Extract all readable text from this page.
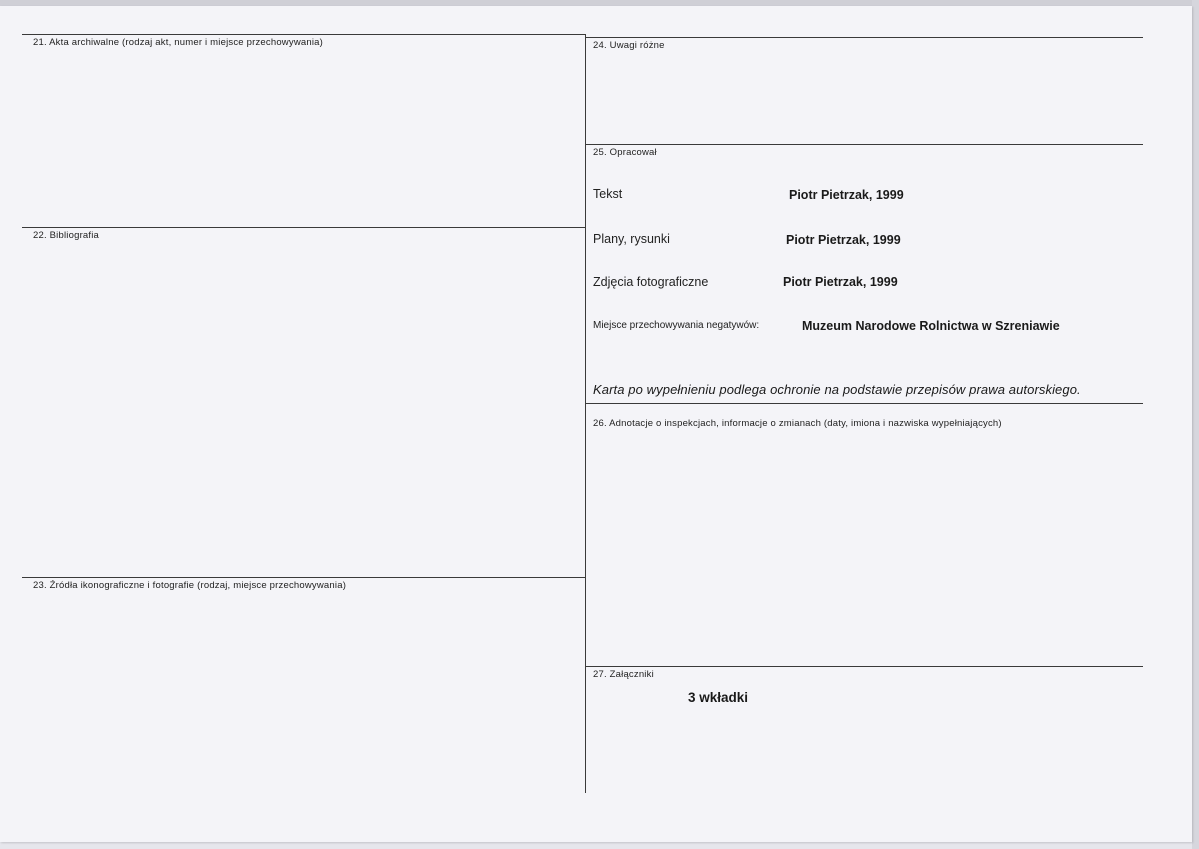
21. Akta archiwalne (rodzaj akt, numer i miejsce przechowywania)
22. Bibliografia
23. Źródła ikonograficzne i fotografie (rodzaj, miejsce przechowywania)
24. Uwagi różne
25. Opracował
Tekst	Piotr Pietrzak, 1999
Plany, rysunki	Piotr Pietrzak, 1999
Zdjęcia fotograficzne	Piotr Pietrzak, 1999
Miejsce przechowywania negatywów:	Muzeum Narodowe Rolnictwa w Szreniawie
Karta po wypełnieniu podlega ochronie na podstawie przepisów prawa autorskiego.
26. Adnotacje o inspekcjach, informacje o zmianach (daty, imiona i nazwiska wypełniających)
27. Załączniki
3 wkładki
